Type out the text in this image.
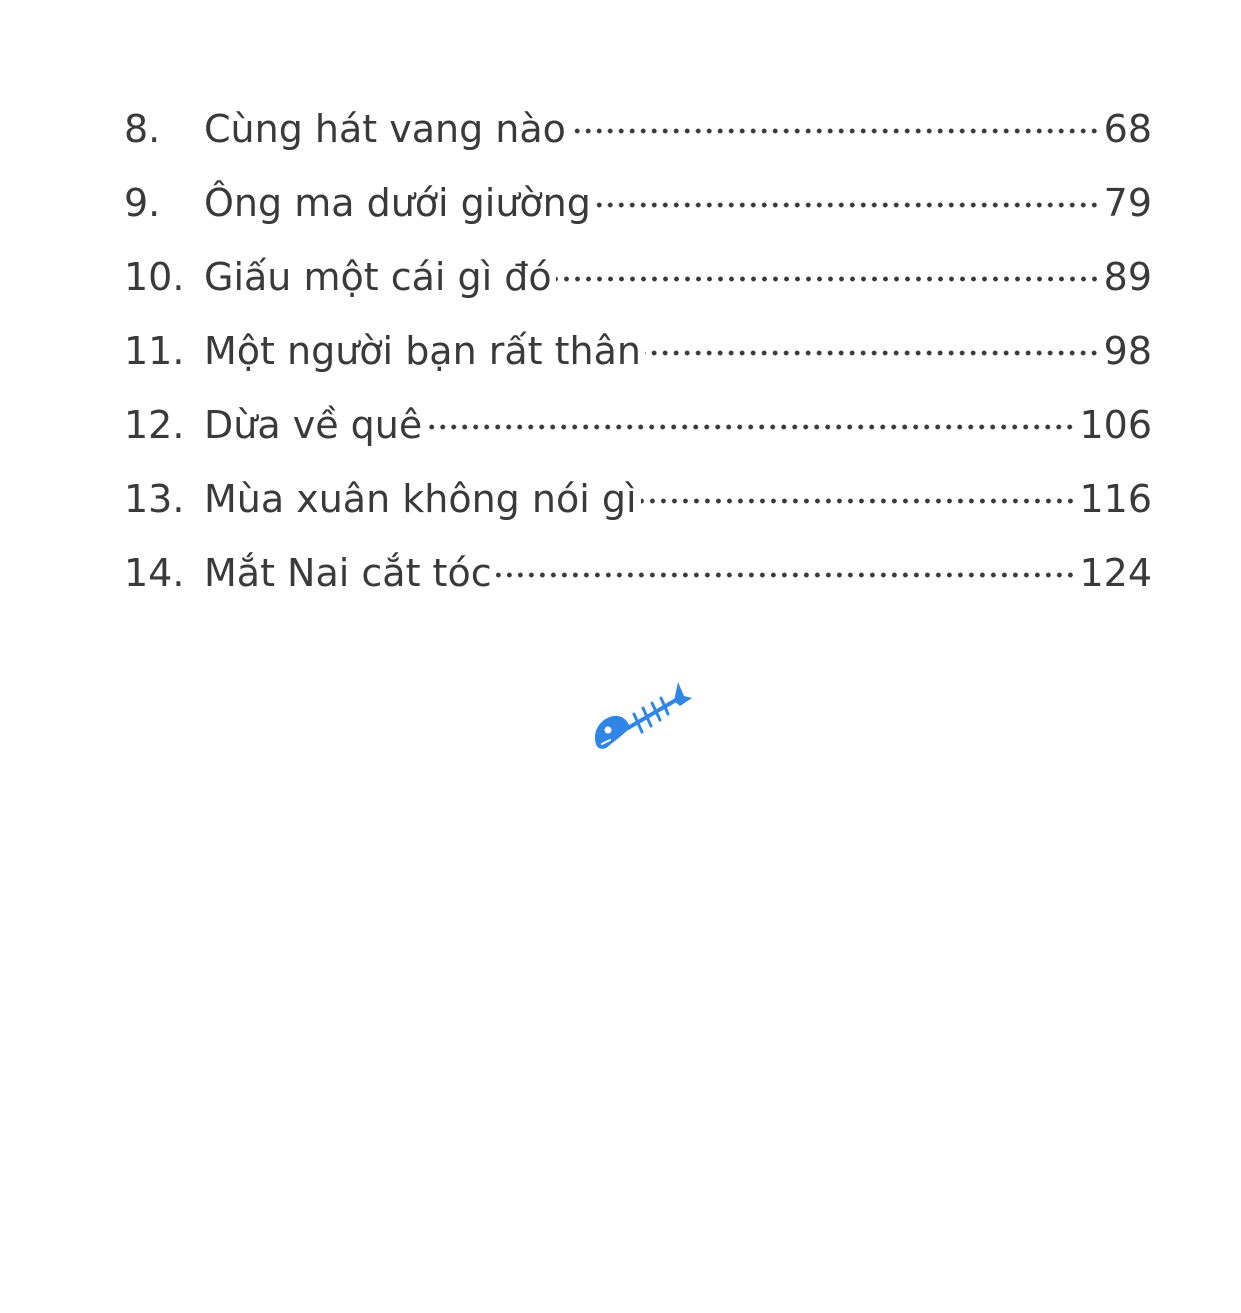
8.	Cùng hát vang nào	68
9.	Ông ma dưới giường	79
10. Giấu một cái gì đó	89
11. Một người bạn rất thân	98
12. Dừa về quê	106
13. Mùa xuân không nói gì	116
14. Mắt Nai cắt tóc	124
